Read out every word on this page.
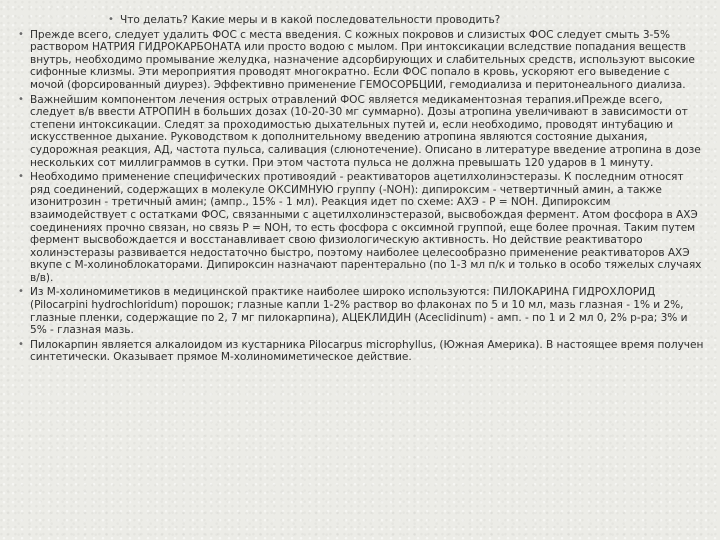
• Что делать? Какие меры и в какой последовательности проводить?
• Прежде всего, следует удалить ФОС с места введения. С кожных покровов и слизистых ФОС следует смыть 3-5% раствором НАТРИЯ ГИДРОКАРБОНАТА или просто водою с мылом. При интоксикации вследствие попадания веществ внутрь, необходимо промывание желудка, назначение адсорбирующих и слабительных средств, используют высокие сифонные клизмы. Эти мероприятия проводят многократно. Если ФОС попало в кровь, ускоряют его выведение с мочой (форсированный диурез). Эффективно применение ГЕМОСОРБЦИИ, гемодиализа и перитонеального диализа.
• Важнейшим компонентом лечения острых отравлений ФОС является медикаментозная терапия.иПрежде всего, следует в/в ввести АТРОПИН в больших дозах (10-20-30 мг суммарно). Дозы атропина увеличивают в зависимости от степени интоксикации. Следят за проходимостью дыхательных путей и, если необходимо, проводят интубацию и искусственное дыхание. Руководством к дополнительному введению атропина являются состояние дыхания, судорожная реакция, АД, частота пульса, саливация (слюнотечение). Описано в литературе введение атропина в дозе нескольких сот миллиграммов в сутки. При этом частота пульса не должна превышать 120 ударов в 1 минуту.
• Необходимо применение специфических противоядий - реактиваторов ацетилхолинэстеразы. К последним относят ряд соединений, содержащих в молекуле ОКСИМНУЮ группу (-NОН): дипироксим - четвертичный амин, а также изонитрозин - третичный амин; (ампр., 15% - 1 мл). Реакция идет по схеме: АХЭ - Р = NОН. Дипироксим взаимодействует с остатками ФОС, связанными с ацетилхолинэстеразой, высвобождая фермент. Атом фосфора в АХЭ соединениях прочно связан, но связь Р = NОН, то есть фосфора с оксимной группой, еще более прочная. Таким путем фермент высвобождается и восстанавливает свою физиологическую активность. Но действие реактиваторо холинэстеразы развивается недостаточно быстро, поэтому наиболее целесообразно применение реактиваторов АХЭ вкупе с М-холиноблокаторами. Дипироксин назначают парентерально (по 1-3 мл п/к и только в особо тяжелых случаях в/в).
• Из М-холиномиметиков в медицинской практике наиболее широко используются: ПИЛОКАРИНА ГИДРОХЛОРИД (Pilocarpini hydrochloridum) порошок; глазные капли 1-2% раствор во флаконах по 5 и 10 мл, мазь глазная - 1% и 2%, глазные пленки, содержащие по 2, 7 мг пилокарпина), АЦЕКЛИДИН (Aceclidinum) - амп. - по 1 и 2 мл 0, 2% р-ра; 3% и 5% - глазная мазь.
• Пилокарпин является алкалоидом из кустарника Pilocarpus microphyllus, (Южная Америка). В настоящее время получен синтетически. Оказывает прямое М-холиномиметическое действие.
